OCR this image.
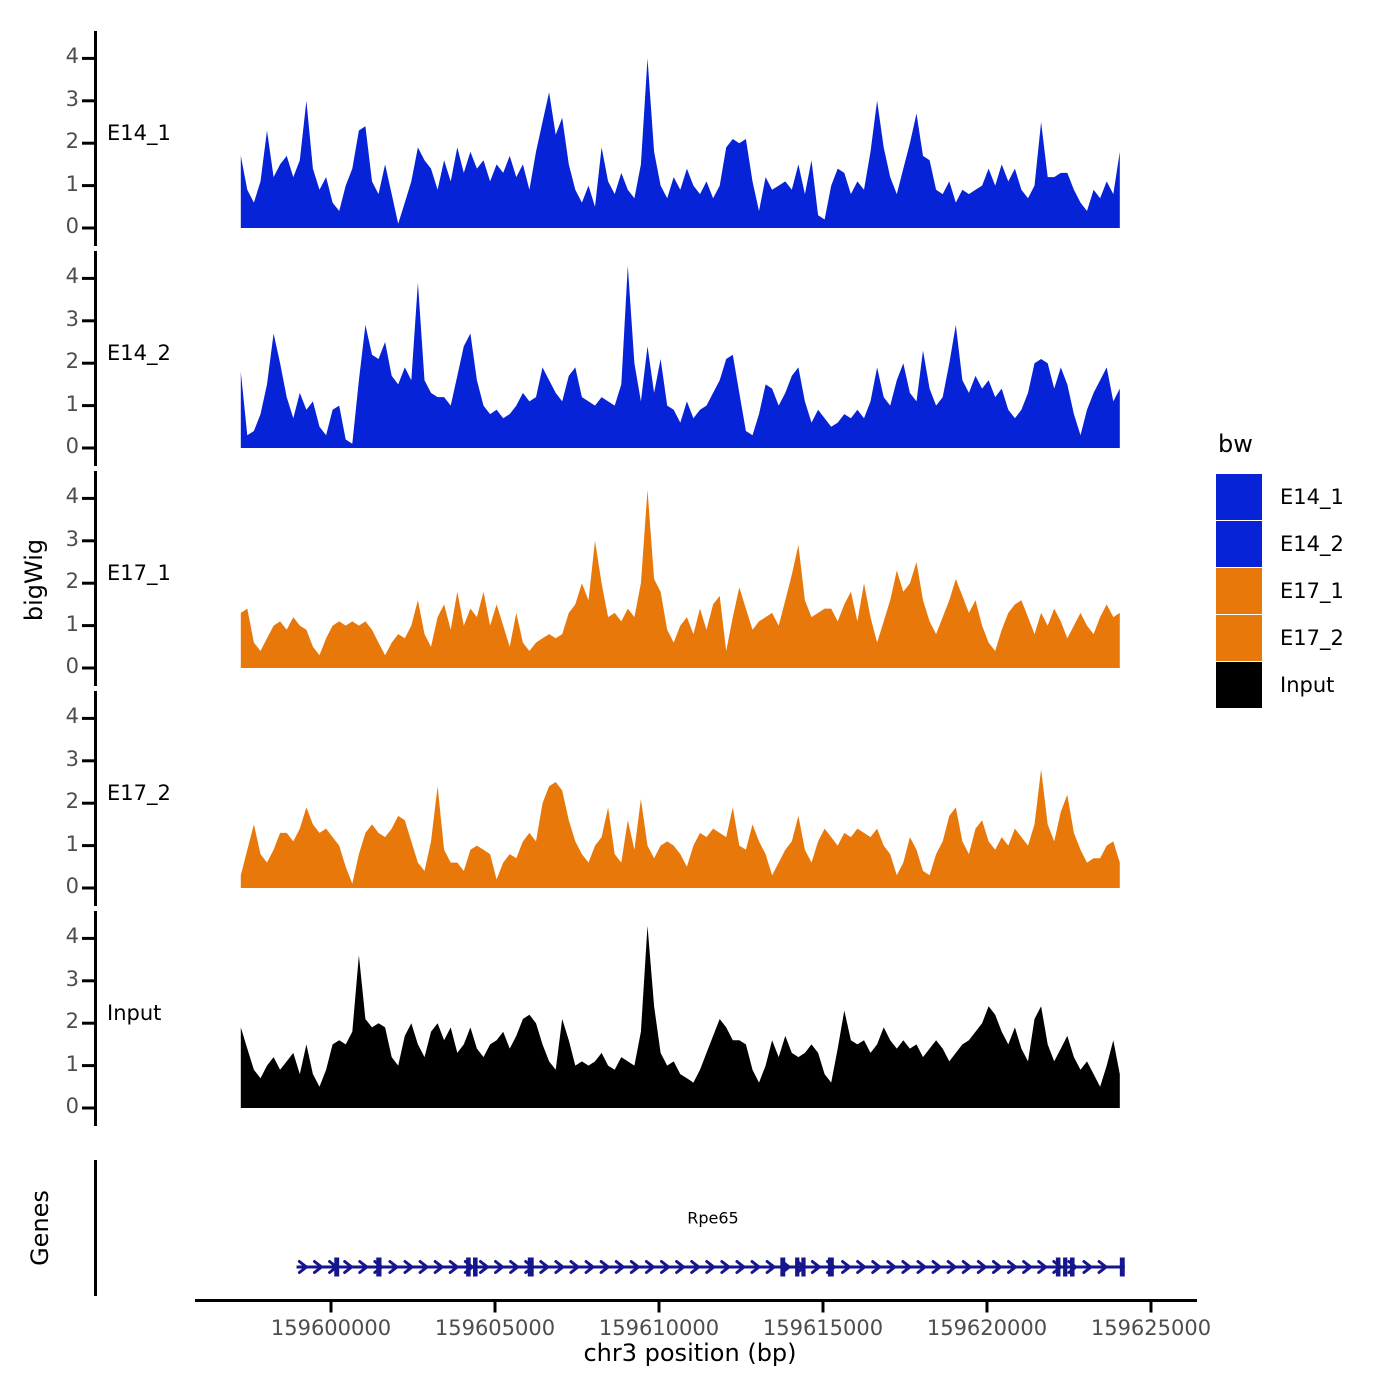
bigWig
Genes
chr3 position (bp)
Rpe65
0
1
2
3
4
0
1
2
3
4
0
1
2
3
4
0
1
2
3
4
0
1
2
3
4
159600000	159605000	159610000	159615000	159620000	159625000
E14_1
E14_2
E17_1
E17_2
Input
bw
E14_1
E14_2
E17_1
E17_2
Input
